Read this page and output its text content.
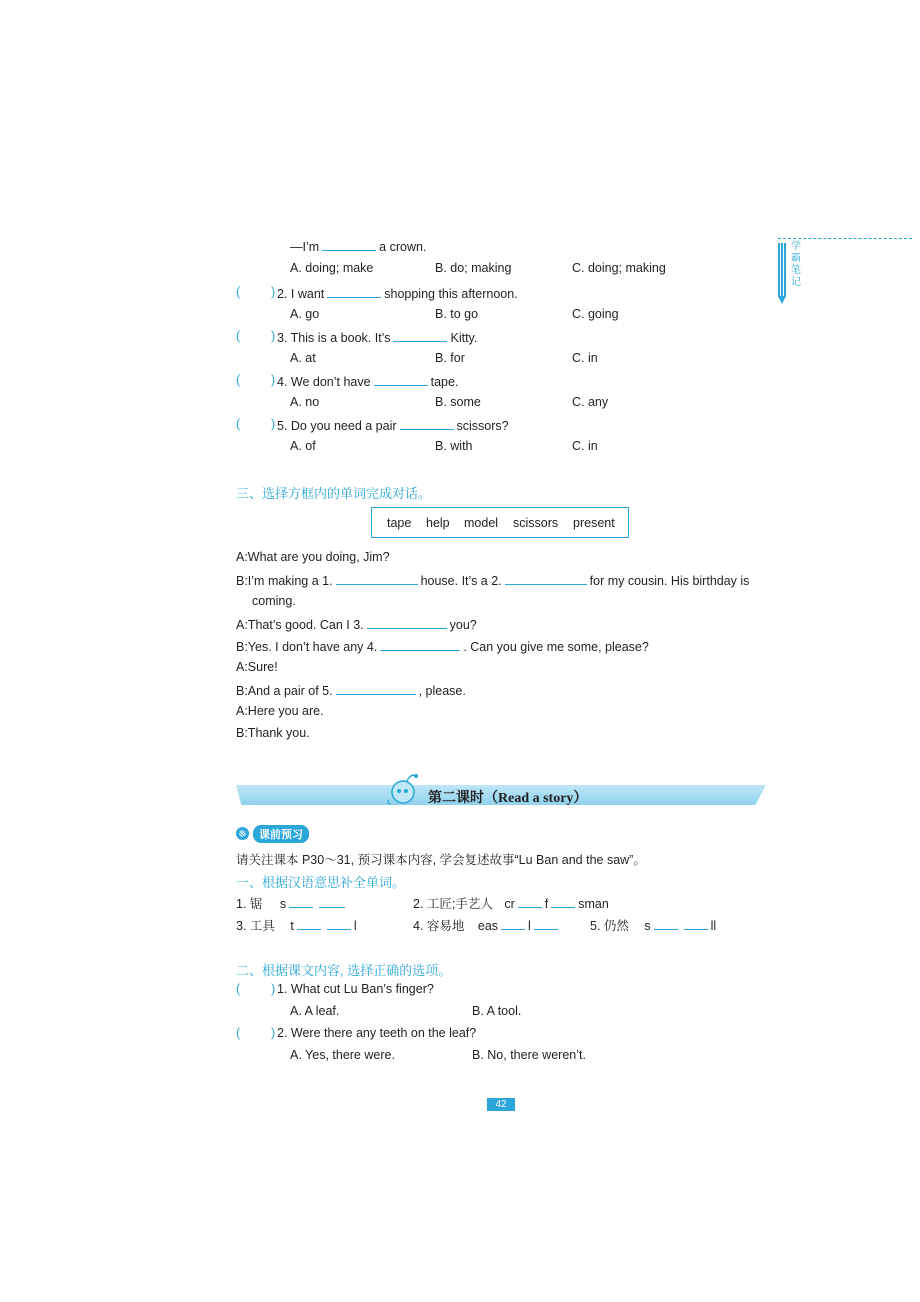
学霸笔记
—I’m	a crown.
A. doing; make	B. do; making	C. doing; making
( ) 2. I want	shopping this afternoon.
A. go	B. to go	C. going
( ) 3. This is a book. It’s	Kitty.
A. at	B. for	C. in
( ) 4. We don’t have	tape.
A. no	B. some	C. any
( ) 5. Do you need a pair	scissors?
A. of	B. with	C. in
三、选择方框内的单词完成对话。
tape help model scissors present
A:What are you doing, Jim?
B:I’m making a 1.	house. It’s a 2.	for my cousin. His birthday is
coming.
A:That’s good. Can I 3.	you?
B:Yes. I don’t have any 4.	. Can you give me some, please?
A:Sure!
B:And a pair of 5.	, please.
A:Here you are.
B:Thank you.
第二课时（Read a story）
课前预习
请关注课本 P30～31, 预习课本内容, 学会复述故事“Lu Ban and the saw”。
一、根据汉语意思补全单词。
1. 锯 s	2. 工匠;手艺人 cr f sman
3. 工具 t	l	4. 容易地 eas l	5. 仍然 s	ll
二、根据课文内容, 选择正确的选项。
( ) 1. What cut Lu Ban’s finger?
A. A leaf.	B. A tool.
( ) 2. Were there any teeth on the leaf?
A. Yes, there were.	B. No, there weren’t.
42
